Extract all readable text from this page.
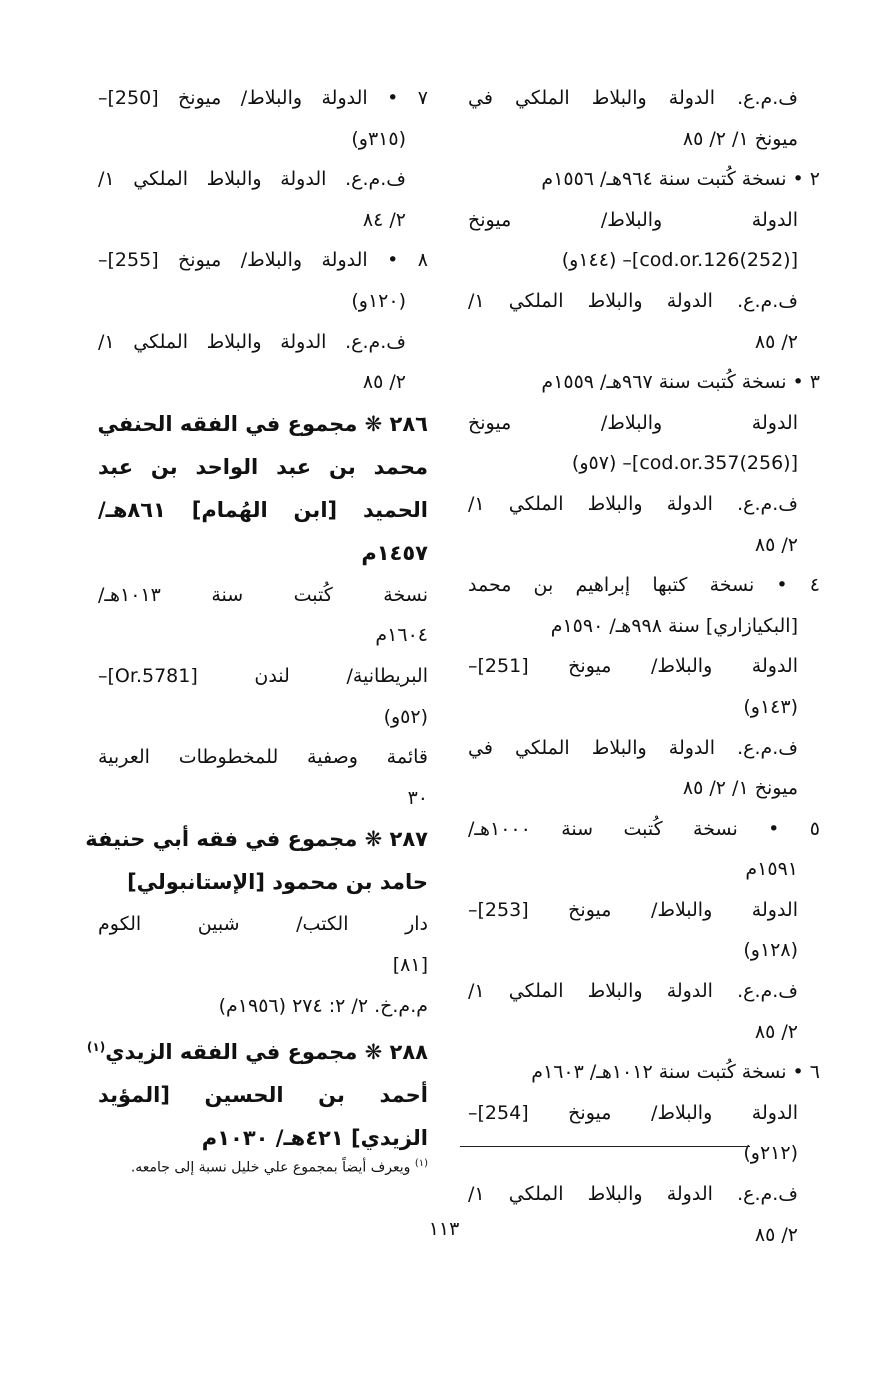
ف.م.ع. الدولة والبلاط الملكي في
ميونخ ١/ ٢/ ٨٥
٢ • نسخة كُتبت سنة ٩٦٤هـ/ ١٥٥٦م
الدولة والبلاط/ ميونخ
[cod.or.126(252)]– (١٤٤و)
ف.م.ع. الدولة والبلاط الملكي ١/
٢/ ٨٥
٣ • نسخة كُتبت سنة ٩٦٧هـ/ ١٥٥٩م
الدولة والبلاط/ ميونخ
[cod.or.357(256)]– (٥٧و)
ف.م.ع. الدولة والبلاط الملكي ١/
٢/ ٨٥
٤ • نسخة كتبها إبراهيم بن محمد
[البكيازاري] سنة ٩٩٨هـ/ ١٥٩٠م
الدولة والبلاط/ ميونخ [251]–
(١٤٣و)
ف.م.ع. الدولة والبلاط الملكي في
ميونخ ١/ ٢/ ٨٥
٥ • نسخة كُتبت سنة ١٠٠٠هـ/
١٥٩١م
الدولة والبلاط/ ميونخ [253]–
(١٢٨و)
ف.م.ع. الدولة والبلاط الملكي ١/
٢/ ٨٥
٦ • نسخة كُتبت سنة ١٠١٢هـ/ ١٦٠٣م
الدولة والبلاط/ ميونخ [254]–
(٢١٢و)
ف.م.ع. الدولة والبلاط الملكي ١/
٢/ ٨٥
٧ • الدولة والبلاط/ ميونخ [250]–
(٣١٥و)
ف.م.ع. الدولة والبلاط الملكي ١/
٢/ ٨٤
٨ • الدولة والبلاط/ ميونخ [255]–
(١٢٠و)
ف.م.ع. الدولة والبلاط الملكي ١/
٢/ ٨٥
٢٨٦ ❋ مجموع في الفقه الحنفي
محمد بن عبد الواحد بن عبد
الحميد [ابن الهُمام] ٨٦١هـ/
١٤٥٧م
نسخة كُتبت سنة ١٠١٣هـ/
١٦٠٤م
البريطانية/ لندن [Or.5781]–
(٥٢و)
قائمة وصفية للمخطوطات العربية
٣٠
٢٨٧ ❋ مجموع في فقه أبي حنيفة
حامد بن محمود [الإستانبولي]
دار الكتب/ شبين الكوم
[٨١]
م.م.خ. ٢/ ٢: ٢٧٤ (١٩٥٦م)
٢٨٨ ❋ مجموع في الفقه الزيدي$^{(١)}$
أحمد بن الحسين [المؤيد
الزيدي] ٤٢١هـ/ ١٠٣٠م
$^{(١)}$ ويعرف أيضاً بمجموع علي خليل نسبة إلى جامعه.
١١٣
